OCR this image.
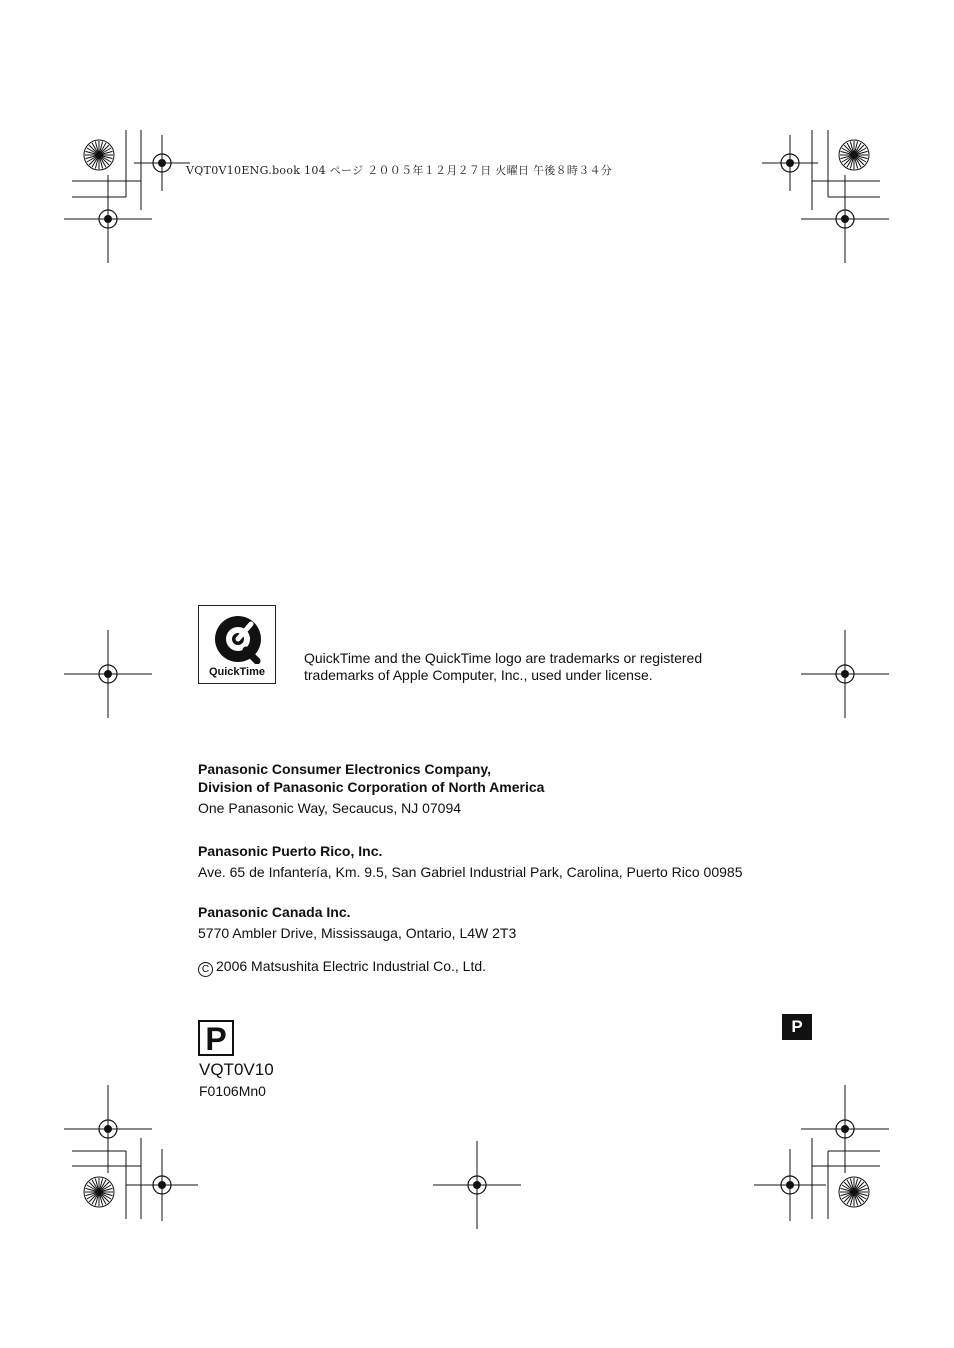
VQT0V10ENG.book 104 ページ ２００５年１２月２７日 火曜日 午後８時３４分
QuickTime
QuickTime and the QuickTime logo are trademarks or registered trademarks of Apple Computer, Inc., used under license.
Panasonic Consumer Electronics Company,
Division of Panasonic Corporation of North America
One Panasonic Way, Secaucus, NJ 07094
Panasonic Puerto Rico, Inc.
Ave. 65 de Infantería, Km. 9.5, San Gabriel Industrial Park, Carolina, Puerto Rico 00985
Panasonic Canada Inc.
5770 Ambler Drive, Mississauga, Ontario, L4W 2T3
C 2006 Matsushita Electric Industrial Co., Ltd.
P
VQT0V10
F0106Mn0
P
